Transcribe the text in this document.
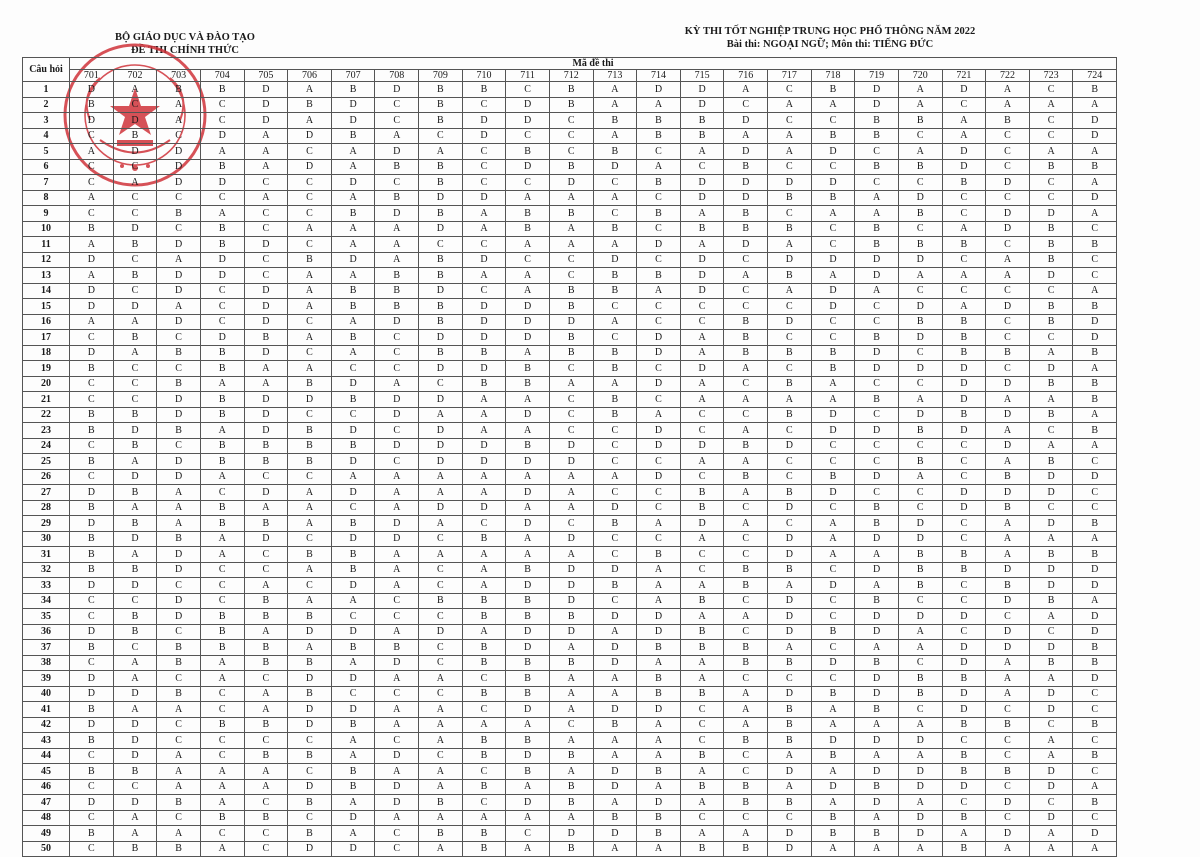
BỘ GIÁO DỤC VÀ ĐÀO TẠO
ĐỀ THI CHÍNH THỨC
KỲ THI TỐT NGHIỆP TRUNG HỌC PHỔ THÔNG NĂM 2022
Bài thi: NGOẠI NGỮ; Môn thi: TIẾNG ĐỨC
Câu hỏi	Mã đề thi																							
	701	702	703	704	705	706	707	708	709	710	711	712	713	714	715	716	717	718	719	720	721	722	723	724
1	D	A	B	B	D	A	B	D	B	B	C	B	A	D	D	A	C	B	D	A	D	A	C	B
2	B	C	A	C	D	B	D	C	B	C	D	B	A	A	D	C	A	A	D	A	C	A	A	A
3	D	D	A	C	D	A	D	C	B	D	D	C	B	B	B	D	C	C	B	B	A	B	C	D
4	C	B	C	D	A	D	B	A	C	D	C	C	A	B	B	A	A	B	B	C	A	C	C	D
5	A	D	D	A	A	C	A	D	A	C	B	C	B	C	A	D	A	D	C	A	D	C	A	A
6	C	C	D	B	A	D	A	B	B	C	D	B	D	A	C	B	C	C	B	B	D	C	B	B
7	C	A	D	D	C	C	D	C	B	C	C	D	C	B	D	D	D	D	C	C	B	D	C	A
8	A	C	C	C	A	C	A	B	D	D	A	A	A	C	D	D	B	B	A	D	C	C	C	D
9	C	C	B	A	C	C	B	D	B	A	B	B	C	B	A	B	C	A	A	B	C	D	D	A
10	B	D	C	B	C	A	A	A	D	A	B	A	B	C	B	B	B	C	B	C	A	D	B	C
11	A	B	D	B	D	C	A	A	C	C	A	A	A	D	A	D	A	C	B	B	B	C	B	B
12	D	C	A	D	C	B	D	A	B	D	C	C	D	C	D	C	D	D	D	D	C	A	B	C
13	A	B	D	D	C	A	A	B	B	A	A	C	B	B	D	A	B	A	D	A	A	A	D	C
14	D	C	D	C	D	A	B	B	D	C	A	B	B	A	D	C	A	D	A	C	C	C	C	A
15	D	D	A	C	D	A	B	B	B	D	D	B	C	C	C	C	C	D	C	D	A	D	B	B
16	A	A	D	C	D	C	A	D	B	D	D	D	A	C	C	B	D	C	C	B	B	C	B	D
17	C	B	C	D	B	A	B	C	D	D	D	B	C	D	A	B	C	C	B	D	B	C	C	D
18	D	A	B	B	D	C	A	C	B	B	A	B	B	D	A	B	B	B	D	C	B	B	A	B
19	B	C	C	B	A	A	C	C	D	D	B	C	B	C	D	A	C	B	D	D	D	C	D	A
20	C	C	B	A	A	B	D	A	C	B	B	A	A	D	A	C	B	A	C	C	D	D	B	B
21	C	C	D	B	D	D	B	D	D	A	A	C	B	C	A	A	A	A	B	A	D	A	A	B
22	B	B	D	B	D	C	C	D	A	A	D	C	B	A	C	C	B	D	C	D	B	D	B	A
23	B	D	B	A	D	B	D	C	D	A	A	C	C	D	C	A	C	D	D	B	D	A	C	B
24	C	B	C	B	B	B	B	D	D	D	B	D	C	D	D	B	D	C	C	C	C	D	A	A
25	B	A	D	B	B	B	D	C	D	D	D	D	C	C	A	A	C	C	C	B	C	A	B	C
26	C	D	D	A	C	C	A	A	A	A	A	A	A	D	C	B	C	B	D	A	C	B	D	D
27	D	B	A	C	D	A	D	A	A	A	D	A	C	C	B	A	B	D	C	C	D	D	D	C
28	B	A	A	B	A	A	C	A	D	D	A	A	D	C	B	C	D	C	B	C	D	B	C	C
29	D	B	A	B	B	A	B	D	A	C	D	C	B	A	D	A	C	A	B	D	C	A	D	B
30	B	D	B	A	D	C	D	D	C	B	A	D	C	C	A	C	D	A	D	D	C	A	A	A
31	B	A	D	A	C	B	B	A	A	A	A	A	C	B	C	C	D	A	A	B	B	A	B	B
32	B	B	D	C	C	A	B	A	C	A	B	D	D	A	C	B	B	C	D	B	B	D	D	D
33	D	D	C	C	A	C	D	A	C	A	D	D	B	A	A	B	A	D	A	B	C	B	D	D
34	C	C	D	C	B	A	A	C	B	B	B	D	C	A	B	C	D	C	B	C	C	D	B	A
35	C	B	D	B	B	B	C	C	C	B	B	B	D	D	A	A	D	C	D	D	D	C	A	D
36	D	B	C	B	A	D	D	A	D	A	D	D	A	D	B	C	D	B	D	A	C	D	C	D
37	B	C	B	B	B	A	B	B	C	B	D	A	D	B	B	B	A	C	A	A	D	D	D	B
38	C	A	B	A	B	B	A	D	C	B	B	B	D	A	A	B	B	D	B	C	D	A	B	B
39	D	A	C	A	C	D	D	A	A	C	B	A	A	B	A	C	C	C	D	B	B	A	A	D
40	D	D	B	C	A	B	C	C	C	B	B	A	A	B	B	A	D	B	D	B	D	A	D	C
41	B	A	A	C	A	D	D	A	A	C	D	A	D	D	C	A	B	A	B	C	D	C	D	C
42	D	D	C	B	B	D	B	A	A	A	A	C	B	A	C	A	B	A	A	A	B	B	C	B
43	B	D	C	C	C	C	A	C	A	B	B	A	A	A	C	B	B	D	D	D	C	C	A	C
44	C	D	A	C	B	B	A	D	C	B	D	B	A	A	B	C	A	B	A	A	B	C	A	B
45	B	B	A	A	A	C	B	A	A	C	B	A	D	B	A	C	D	A	D	D	B	B	D	C
46	C	C	A	A	A	D	B	D	A	B	A	B	D	A	B	B	A	D	B	D	D	C	D	A
47	D	D	B	A	C	B	A	D	B	C	D	B	A	D	A	B	B	A	D	A	C	D	C	B
48	C	A	C	B	B	C	D	A	A	A	A	A	B	B	C	C	C	B	A	D	B	C	D	C
49	B	A	A	C	C	B	A	C	B	B	C	D	D	B	A	A	D	B	B	D	A	D	A	D
50	C	B	B	A	C	D	D	C	A	B	A	B	A	A	B	B	D	A	A	A	B	A	A	A
